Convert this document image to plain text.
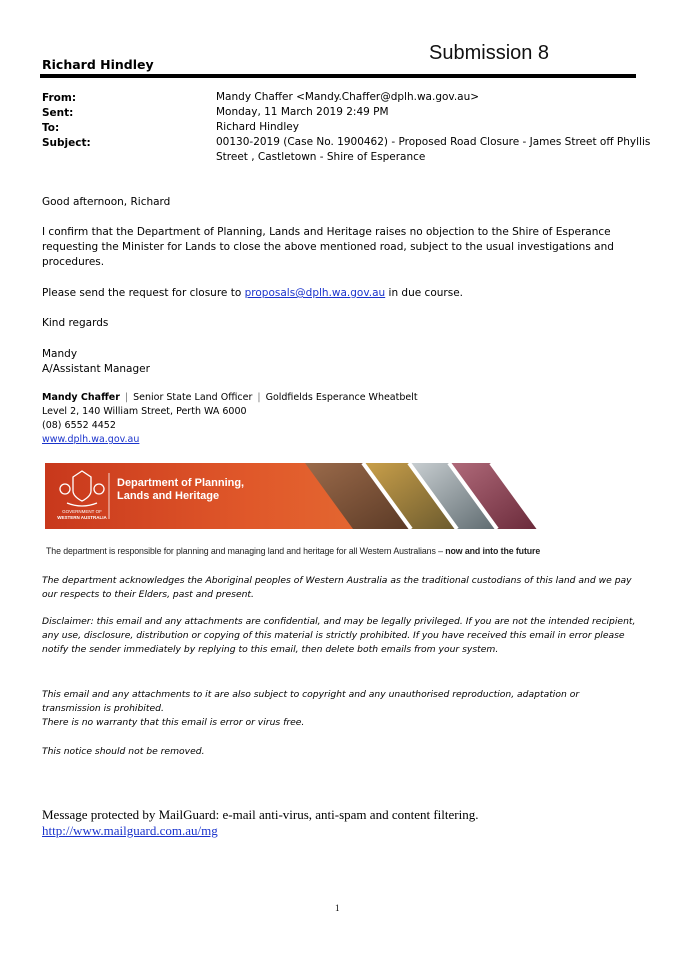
Submission 8
Richard Hindley
From:	Mandy Chaffer <Mandy.Chaffer@dplh.wa.gov.au>
Sent:	Monday, 11 March 2019 2:49 PM
To:	Richard Hindley
Subject:	00130-2019 (Case No. 1900462) - Proposed Road Closure - James Street off Phyllis
Street , Castletown - Shire of Esperance
Good afternoon, Richard
I confirm that the Department of Planning, Lands and Heritage raises no objection to the Shire of Esperance
requesting the Minister for Lands to close the above mentioned road, subject to the usual investigations and
procedures.
Please send the request for closure to proposals@dplh.wa.gov.au in due course.
Kind regards
Mandy
A/Assistant Manager
Mandy Chaffer | Senior State Land Officer | Goldfields Esperance Wheatbelt
Level 2, 140 William Street, Perth WA 6000
(08) 6552 4452
www.dplh.wa.gov.au
GOVERNMENT OF
WESTERN AUSTRALIA
Department of Planning,
Lands and Heritage
The department is responsible for planning and managing land and heritage for all Western Australians – now and into the future
The department acknowledges the Aboriginal peoples of Western Australia as the traditional custodians of this land and we pay
our respects to their Elders, past and present.
Disclaimer: this email and any attachments are confidential, and may be legally privileged. If you are not the intended recipient,
any use, disclosure, distribution or copying of this material is strictly prohibited. If you have received this email in error please
notify the sender immediately by replying to this email, then delete both emails from your system.
This email and any attachments to it are also subject to copyright and any unauthorised reproduction, adaptation or
transmission is prohibited.
There is no warranty that this email is error or virus free.
This notice should not be removed.
Message protected by MailGuard: e-mail anti-virus, anti-spam and content filtering.
http://www.mailguard.com.au/mg
1
